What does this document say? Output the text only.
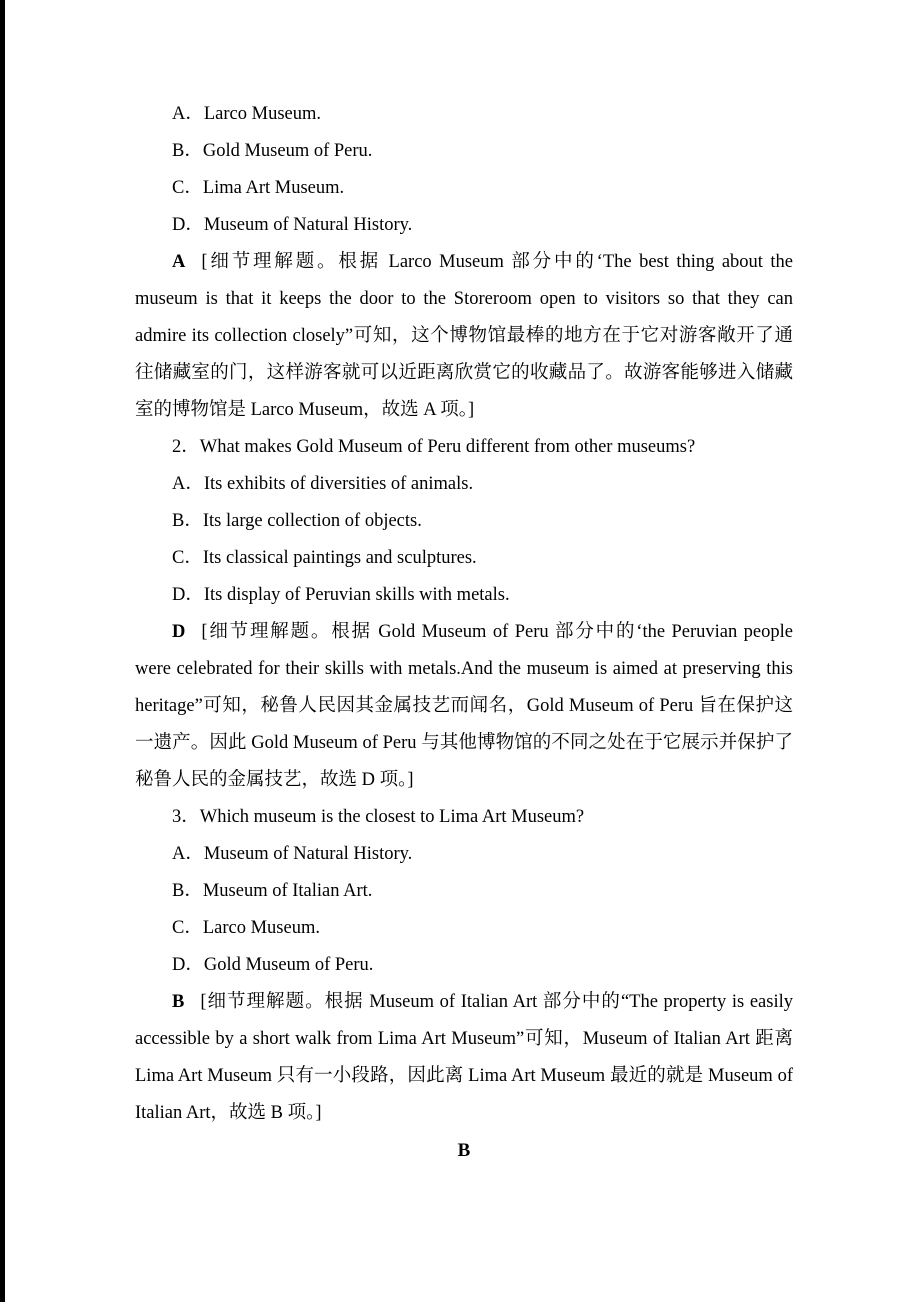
A．Larco Museum.

B．Gold Museum of Peru.

C．Lima Art Museum.

D．Museum of Natural History.

A [细节理解题。根据 Larco Museum 部分中的‘The best thing about the museum is that it keeps the door to the Storeroom open to visitors so that they can admire its collection closely”可知，这个博物馆最棒的地方在于它对游客敞开了通往储藏室的门，这样游客就可以近距离欣赏它的收藏品了。故游客能够进入储藏室的博物馆是 Larco Museum，故选 A 项。]

2．What makes Gold Museum of Peru different from other museums?

A．Its exhibits of diversities of animals.

B．Its large collection of objects.

C．Its classical paintings and sculptures.

D．Its display of Peruvian skills with metals.

D [细节理解题。根据 Gold Museum of Peru 部分中的‘the Peruvian people were celebrated for their skills with metals.And the museum is aimed at preserving this heritage”可知，秘鲁人民因其金属技艺而闻名，Gold Museum of Peru 旨在保护这一遗产。因此 Gold Museum of Peru 与其他博物馆的不同之处在于它展示并保护了秘鲁人民的金属技艺，故选 D 项。]

3．Which museum is the closest to Lima Art Museum?

A．Museum of Natural History.

B．Museum of Italian Art.

C．Larco Museum.

D．Gold Museum of Peru.

B [细节理解题。根据 Museum of Italian Art 部分中的“The property is easily accessible by a short walk from Lima Art Museum”可知，Museum of Italian Art 距离 Lima Art Museum 只有一小段路，因此离 Lima Art Museum 最近的就是 Museum of Italian Art，故选 B 项。]

B
